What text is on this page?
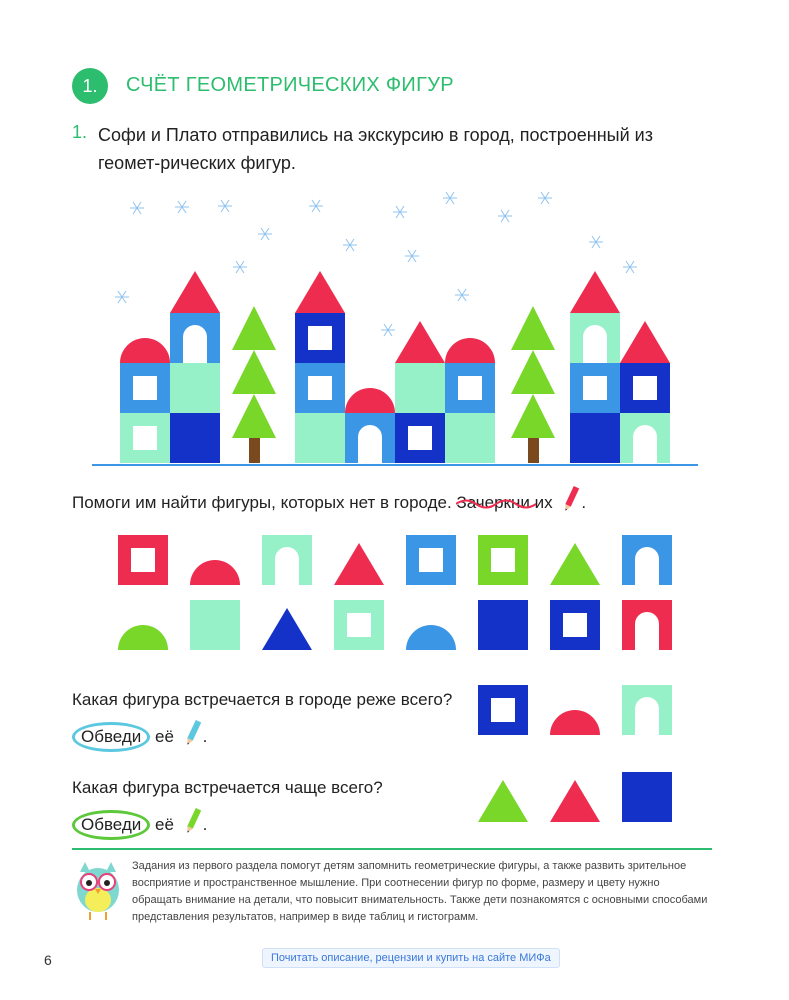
1.	СЧЁТ ГЕОМЕТРИЧЕСКИХ ФИГУР
1. Софи и Плато отправились на экскурсию в город, построенный из геомет-рических фигур.
Помоги им найти фигуры, которых нет в городе. Зачеркни
их .
Какая фигура встречается в городе реже всего?
Обведи её .
Какая фигура встречается чаще всего?
Обведи её .
Задания из первого раздела помогут детям запомнить геометрические фигуры, а также развить зрительное восприятие и пространственное мышление. При соотнесении фигур по форме, размеру и цвету нужно обращать внимание на детали, что повысит внимательность. Также дети познакомятся с основными способами представления результатов, например в виде таблиц и гистограмм.
6	Почитать описание, рецензии и купить на сайте МИФа
